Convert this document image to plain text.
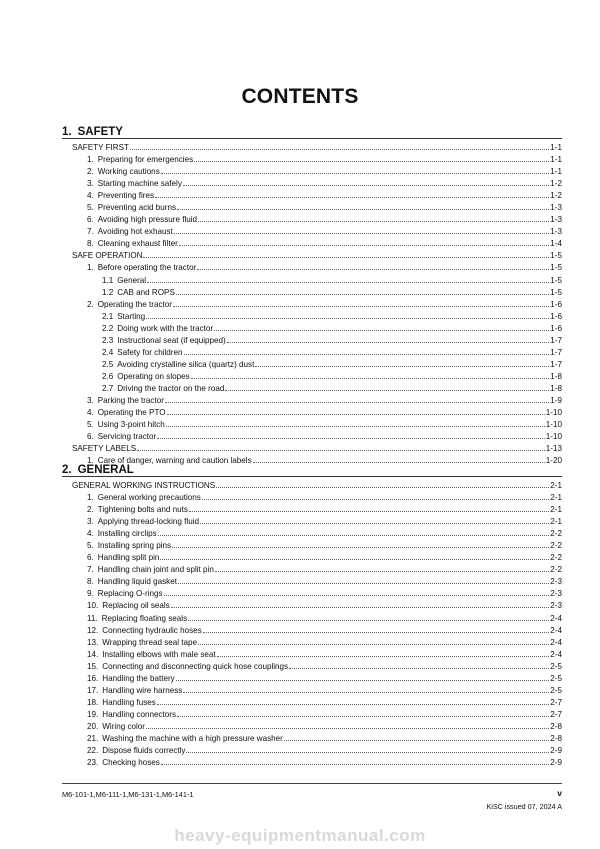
CONTENTS
1. SAFETY
SAFETY FIRST	1-1
1. Preparing for emergencies	1-1
2. Working cautions	1-1
3. Starting machine safely	1-2
4. Preventing fires	1-2
5. Preventing acid burns	1-3
6. Avoiding high pressure fluid	1-3
7. Avoiding hot exhaust	1-3
8. Cleaning exhaust filter	1-4
SAFE OPERATION	1-5
1. Before operating the tractor	1-5
1.1 General	1-5
1.2 CAB and ROPS	1-5
2. Operating the tractor	1-6
2.1 Starting	1-6
2.2 Doing work with the tractor	1-6
2.3 Instructional seat (if equipped)	1-7
2.4 Safety for children	1-7
2.5 Avoiding crystalline silica (quartz) dust	1-7
2.6 Operating on slopes	1-8
2.7 Driving the tractor on the road	1-8
3. Parking the tractor	1-9
4. Operating the PTO	1-10
5. Using 3-point hitch	1-10
6. Servicing tractor	1-10
SAFETY LABELS	1-13
1. Care of danger, warning and caution labels	1-20
2. GENERAL
GENERAL WORKING INSTRUCTIONS	2-1
1. General working precautions	2-1
2. Tightening bolts and nuts	2-1
3. Applying thread-locking fluid	2-1
4. Installing circlips	2-2
5. Installing spring pins	2-2
6. Handling split pin	2-2
7. Handling chain joint and split pin	2-2
8. Handling liquid gasket	2-3
9. Replacing O-rings	2-3
10. Replacing oil seals	2-3
11. Replacing floating seals	2-4
12. Connecting hydraulic hoses	2-4
13. Wrapping thread seal tape	2-4
14. Installing elbows with male seat	2-4
15. Connecting and disconnecting quick hose couplings	2-5
16. Handling the battery	2-5
17. Handling wire harness	2-5
18. Handling fuses	2-7
19. Handling connectors	2-7
20. Wiring color	2-8
21. Washing the machine with a high pressure washer	2-8
22. Dispose fluids correctly	2-9
23. Checking hoses	2-9
M6-101-1,M6-111-1,M6-131-1,M6-141-1	v
KiSC issued 07, 2024 A
heavy-equipmentmanual.com
